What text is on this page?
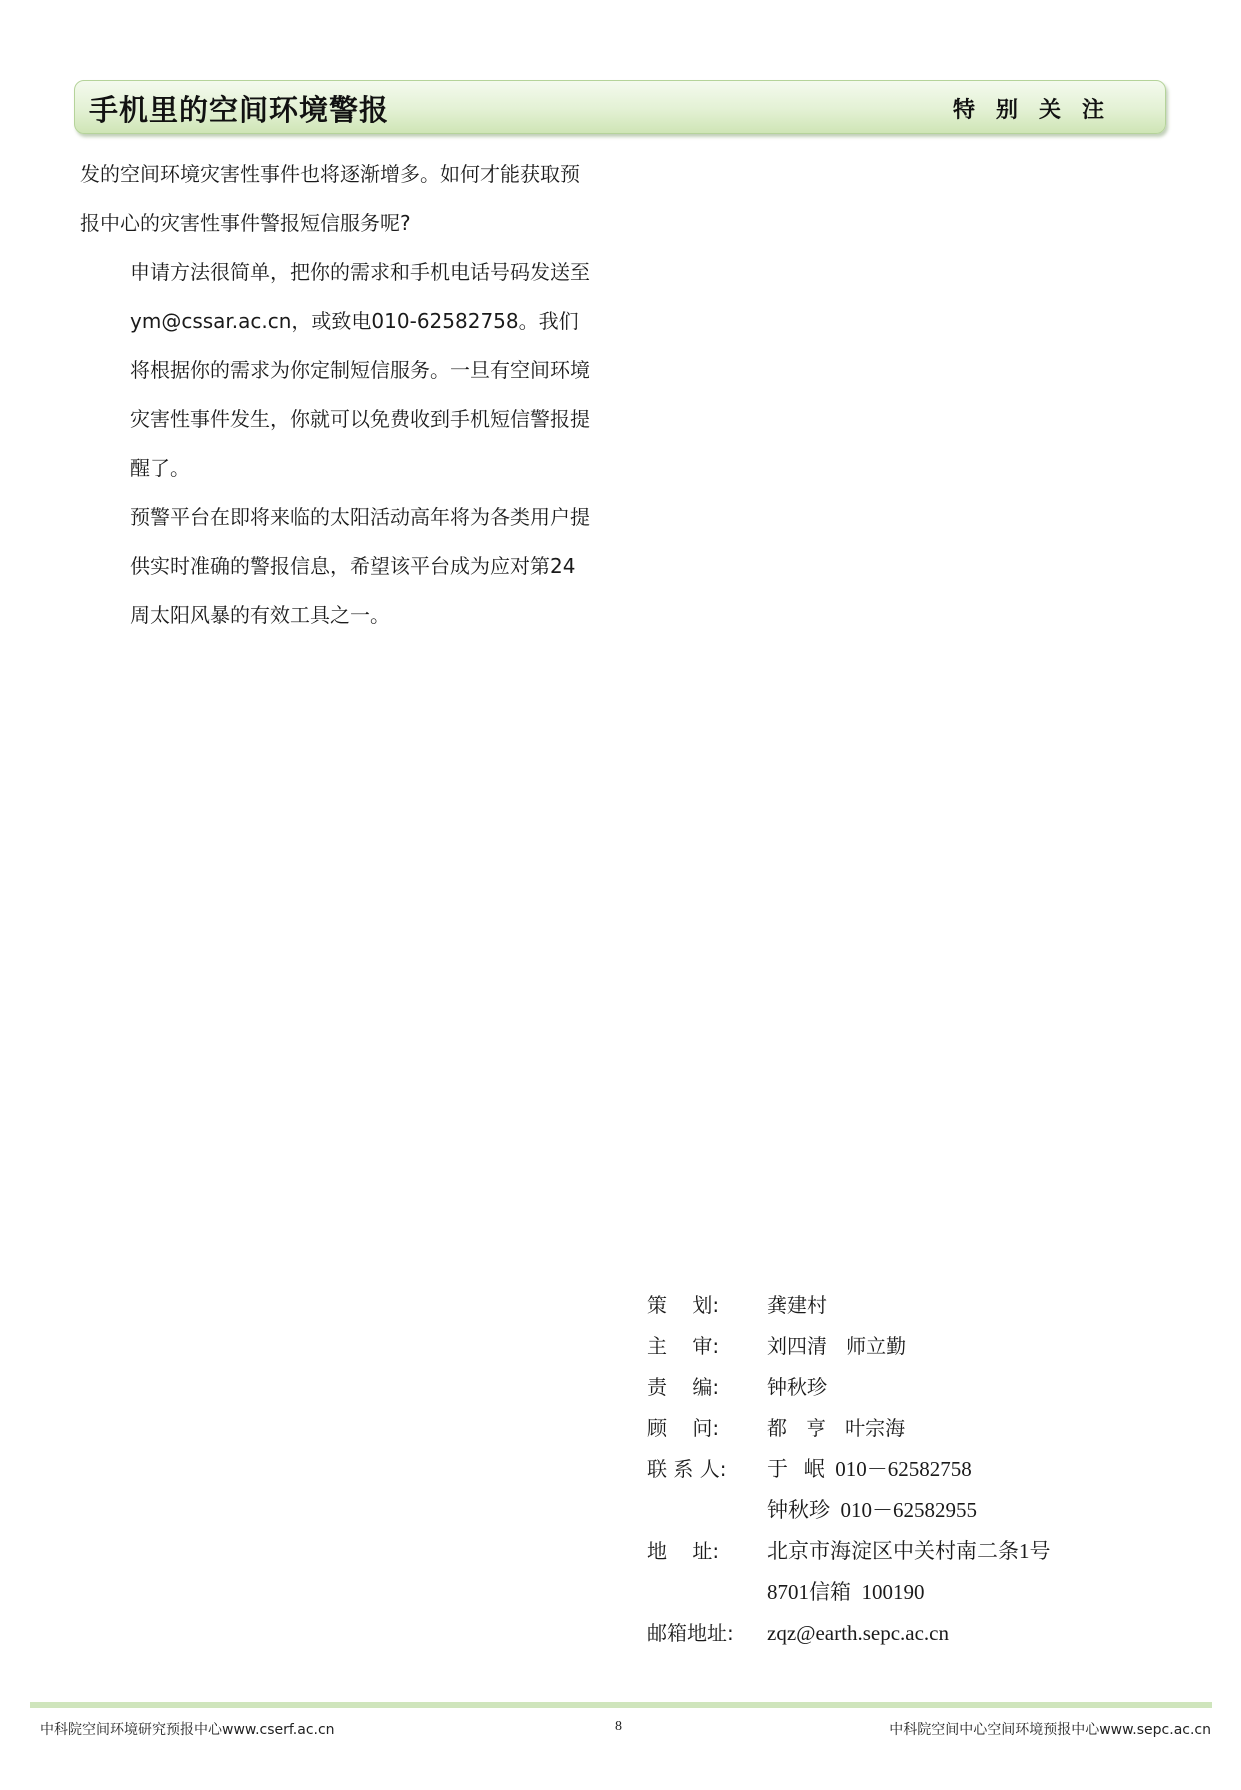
手机里的空间环境警报	特别关注

发的空间环境灾害性事件也将逐渐增多。如何才能获取预报中心的灾害性事件警报短信服务呢?

申请方法很简单，把你的需求和手机电话号码发送至ym@cssar.ac.cn，或致电010-62582758。我们将根据你的需求为你定制短信服务。一旦有空间环境灾害性事件发生，你就可以免费收到手机短信警报提醒了。

预警平台在即将来临的太阳活动高年将为各类用户提供实时准确的警报信息，希望该平台成为应对第24周太阳风暴的有效工具之一。

策    划:	龚建村
主    审:	刘四清   师立勤
责    编:	钟秋珍
顾    问:	都   亨   叶宗海
联 系 人:	于   岷  010－62582758
钟秋珍  010－62582955
地    址:	北京市海淀区中关村南二条1号
8701信箱  100190
邮箱地址:	zqz@earth.sepc.ac.cn
中科院空间环境研究预报中心www.cserf.ac.cn	8	中科院空间中心空间环境预报中心www.sepc.ac.cn
